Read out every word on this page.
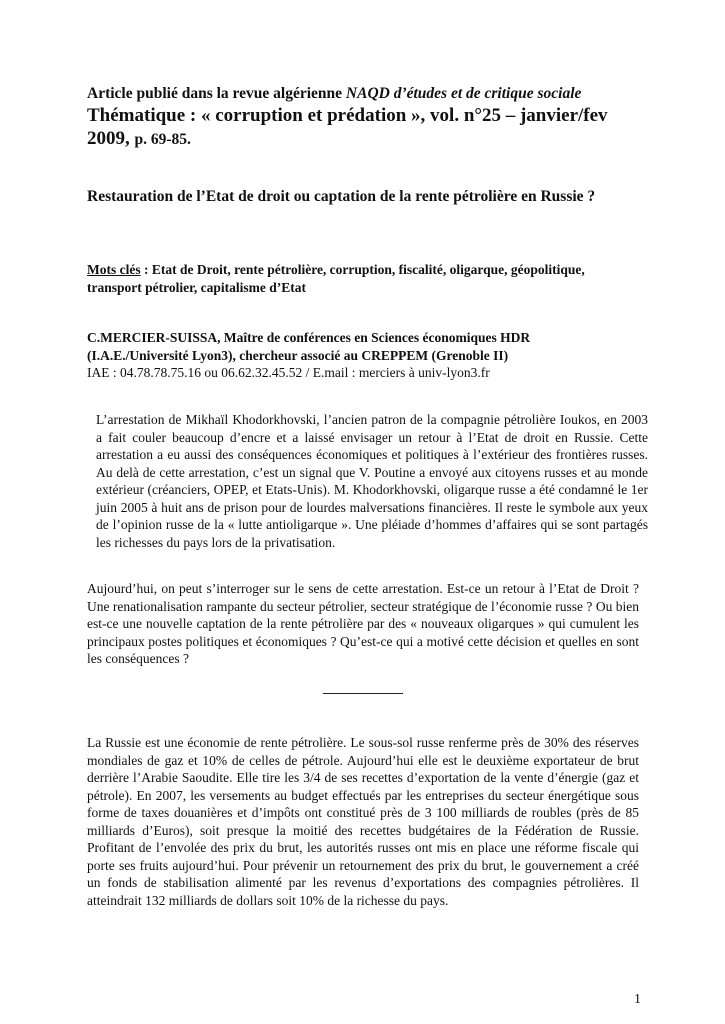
Article publié dans la revue algérienne NAQD d’études et de critique sociale

Thématique : « corruption et prédation », vol. n°25 – janvier/fev 2009, p. 69-85.

Restauration de l’Etat de droit ou captation de la rente pétrolière en Russie ?

Mots clés : Etat de Droit, rente pétrolière, corruption, fiscalité, oligarque, géopolitique, transport pétrolier, capitalisme d’Etat

C.MERCIER-SUISSA, Maître de conférences en Sciences économiques HDR
(I.A.E./Université Lyon3), chercheur associé au CREPPEM (Grenoble II)
IAE : 04.78.78.75.16 ou 06.62.32.45.52 / E.mail : merciers à univ-lyon3.fr

L’arrestation de Mikhaïl Khodorkhovski, l’ancien patron de la compagnie pétrolière Ioukos, en 2003 a fait couler beaucoup d’encre et a laissé envisager un retour à l’Etat de droit en Russie. Cette arrestation a eu aussi des conséquences économiques et politiques à l’extérieur des frontières russes. Au delà de cette arrestation, c’est un signal que V. Poutine a envoyé aux citoyens russes et au monde extérieur (créanciers, OPEP, et Etats-Unis). M. Khodorkhovski, oligarque russe a été condamné le 1er juin 2005 à huit ans de prison pour de lourdes malversations financières. Il reste le symbole aux yeux de l’opinion russe de la « lutte antioligarque ». Une pléiade d’hommes d’affaires qui se sont partagés les richesses du pays lors de la privatisation.

Aujourd’hui, on peut s’interroger sur le sens de cette arrestation. Est-ce un retour à l’Etat de Droit ? Une renationalisation rampante du secteur pétrolier, secteur stratégique de l’économie russe ? Ou bien est-ce une nouvelle captation de la rente pétrolière par des « nouveaux oligarques » qui cumulent les principaux postes politiques et économiques ? Qu’est-ce qui a motivé cette décision et quelles en sont les conséquences ?

La Russie est une économie de rente pétrolière. Le sous-sol russe renferme près de 30% des réserves mondiales de gaz et 10% de celles de pétrole. Aujourd’hui elle est le deuxième exportateur de brut derrière l’Arabie Saoudite. Elle tire les 3/4 de ses recettes d’exportation de la vente d’énergie (gaz et pétrole). En 2007, les versements au budget effectués par les entreprises du secteur énergétique sous forme de taxes douanières et d’impôts ont constitué près de 3 100 milliards de roubles (près de 85 milliards d’Euros), soit presque la moitié des recettes budgétaires de la Fédération de Russie. Profitant de l’envolée des prix du brut, les autorités russes ont mis en place une réforme fiscale qui porte ses fruits aujourd’hui. Pour prévenir un retournement des prix du brut, le gouvernement a créé un fonds de stabilisation alimenté par les revenus d’exportations des compagnies pétrolières. Il atteindrait 132 milliards de dollars soit 10% de la richesse du pays.

1
